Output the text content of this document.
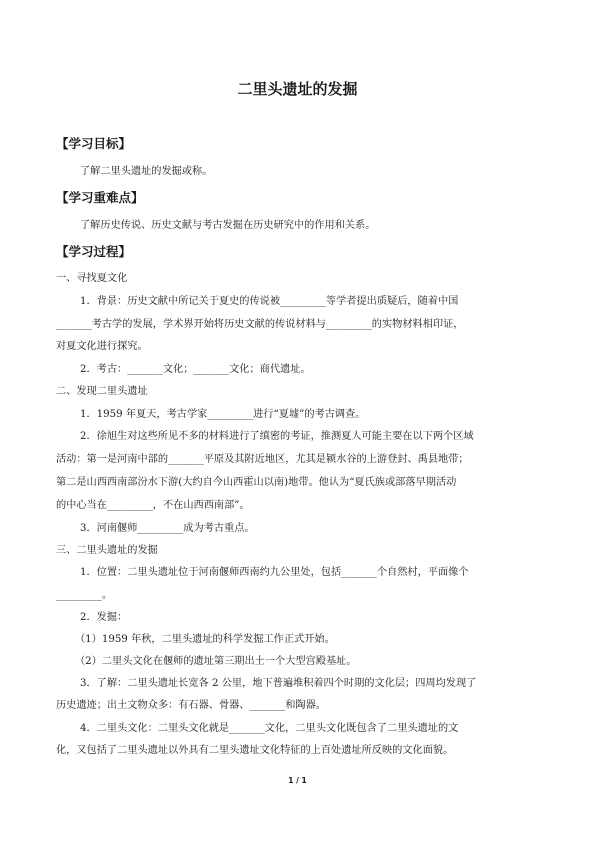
二里头遗址的发掘
【学习目标】
了解二里头遗址的发掘或称。
【学习重难点】
了解历史传说、历史文献与考古发掘在历史研究中的作用和关系。
【学习过程】
一、寻找夏文化
1．背景：历史文献中所记关于夏史的传说被_________等学者提出质疑后，随着中国
_______考古学的发展，学术界开始将历史文献的传说材料与_________的实物材料相印证，
对夏文化进行探究。
2．考古：_______文化；_______文化；商代遗址。
二、发现二里头遗址
1．1959 年夏天，考古学家_________进行“夏墟”的考古调查。
2．徐旭生对这些所见不多的材料进行了缜密的考证，推测夏人可能主要在以下两个区域
活动：第一是河南中部的_______平原及其附近地区，尤其是颍水谷的上游登封、禹县地带；
第二是山西西南部汾水下游(大约自今山西霍山以南)地带。他认为“夏氏族或部落早期活动
的中心当在_________，不在山西西南部”。
3．河南偃师_________成为考古重点。
三、二里头遗址的发掘
1．位置：二里头遗址位于河南偃师西南约九公里处，包括_______个自然村，平面像个
_________。
2．发掘：
（1）1959 年秋，二里头遗址的科学发掘工作正式开始。
（2）二里头文化在偃师的遗址第三期出土一个大型宫殿基址。
3．了解：二里头遗址长宽各 2 公里，地下普遍堆积着四个时期的文化层；四周均发现了
历史遗迹；出土文物众多：有石器、骨器、_______和陶器。
4．二里头文化：二里头文化就是_______文化，二里头文化既包含了二里头遗址的文
化，又包括了二里头遗址以外具有二里头遗址文化特征的上百处遗址所反映的文化面貌。
1 / 1
